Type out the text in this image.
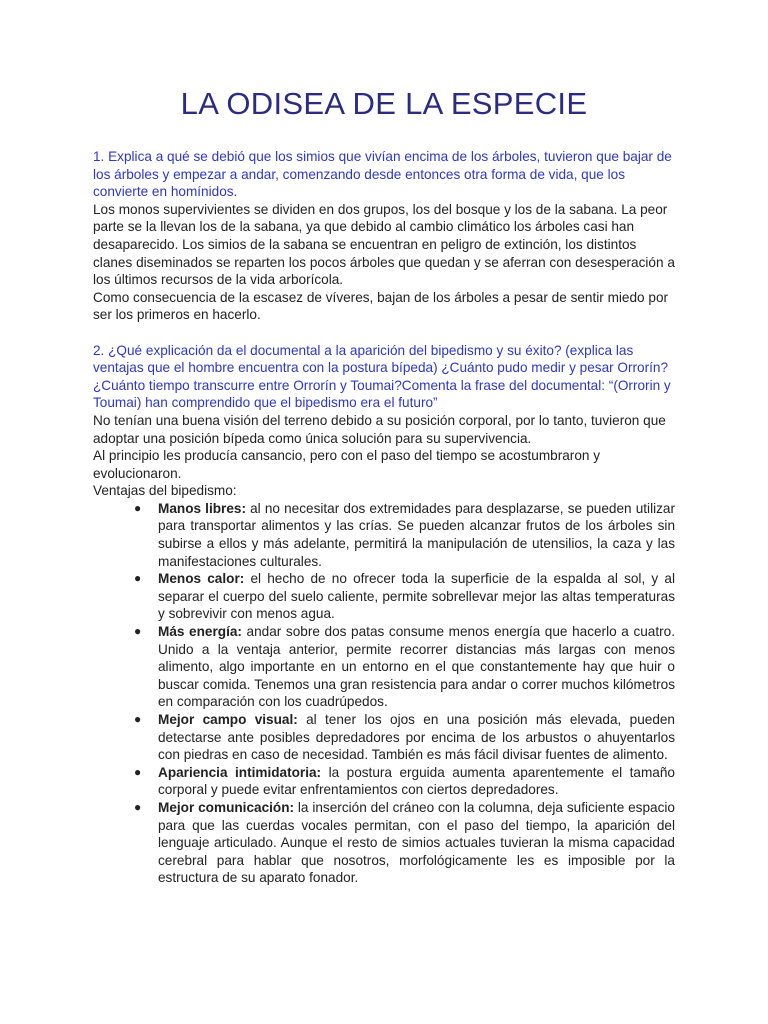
LA ODISEA DE LA ESPECIE

1. Explica a qué se debió que los simios que vivían encima de los árboles, tuvieron que bajar de los árboles y empezar a andar, comenzando desde entonces otra forma de vida, que los convierte en homínidos.

Los monos supervivientes se dividen en dos grupos, los del bosque y los de la sabana. La peor parte se la llevan los de la sabana, ya que debido al cambio climático los árboles casi han desaparecido. Los simios de la sabana se encuentran en peligro de extinción, los distintos clanes diseminados se reparten los pocos árboles que quedan y se aferran con desesperación a los últimos recursos de la vida arborícola.

Como consecuencia de la escasez de víveres, bajan de los árboles a pesar de sentir miedo por ser los primeros en hacerlo.

2. ¿Qué explicación da el documental a la aparición del bipedismo y su éxito? (explica las ventajas que el hombre encuentra con la postura bípeda) ¿Cuánto pudo medir y pesar Orrorín? ¿Cuánto tiempo transcurre entre Orrorín y Toumai?Comenta la frase del documental: “(Orrorin y Toumai) han comprendido que el bipedismo era el futuro”

No tenían una buena visión del terreno debido a su posición corporal, por lo tanto, tuvieron que adoptar una posición bípeda como única solución para su supervivencia.

Al principio les producía cansancio, pero con el paso del tiempo se acostumbraron y evolucionaron.

Ventajas del bipedismo:

● Manos libres: al no necesitar dos extremidades para desplazarse, se pueden utilizar para transportar alimentos y las crías. Se pueden alcanzar frutos de los árboles sin subirse a ellos y más adelante, permitirá la manipulación de utensilios, la caza y las manifestaciones culturales.
● Menos calor: el hecho de no ofrecer toda la superficie de la espalda al sol, y al separar el cuerpo del suelo caliente, permite sobrellevar mejor las altas temperaturas y sobrevivir con menos agua.
● Más energía: andar sobre dos patas consume menos energía que hacerlo a cuatro. Unido a la ventaja anterior, permite recorrer distancias más largas con menos alimento, algo importante en un entorno en el que constantemente hay que huir o buscar comida. Tenemos una gran resistencia para andar o correr muchos kilómetros en comparación con los cuadrúpedos.
● Mejor campo visual: al tener los ojos en una posición más elevada, pueden detectarse ante posibles depredadores por encima de los arbustos o ahuyentarlos con piedras en caso de necesidad. También es más fácil divisar fuentes de alimento.
● Apariencia intimidatoria: la postura erguida aumenta aparentemente el tamaño corporal y puede evitar enfrentamientos con ciertos depredadores.
● Mejor comunicación: la inserción del cráneo con la columna, deja suficiente espacio para que las cuerdas vocales permitan, con el paso del tiempo, la aparición del lenguaje articulado. Aunque el resto de simios actuales tuvieran la misma capacidad cerebral para hablar que nosotros, morfológicamente les es imposible por la estructura de su aparato fonador.
